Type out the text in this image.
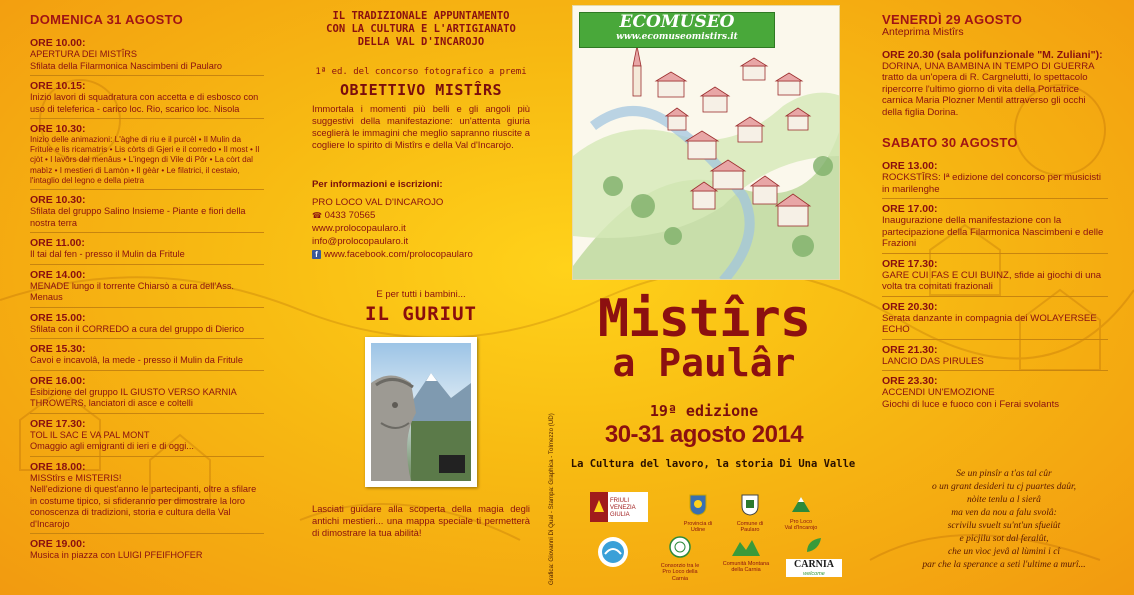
DOMENICA 31 AGOSTO
ORE 10.00:
APERTURA DEI MISTÎRS
Sfilata della Filarmonica Nascimbeni di Paularo
ORE 10.15:
Inizio lavori di squadratura con accetta e di esbosco con uso di teleferica - carico loc. Rio, scarico loc. Nisola
ORE 10.30:
Inizio delle animazioni: L'àghe di riu e il purcèl • Il Mulin da Fritule e lis ricamatris • Lis còrts di Gjeri e il corredo • Il most • Il cjòt • I lavôrs dal menâus • L'ingegn di Vile di Pôr • La còrt dal mabìz • I mestieri di Lamòn • Il gèàr • Le filatrici, il cestaio, l'intaglio del legno e della pietra
ORE 10.30:
Sfilata del gruppo Salino Insieme - Piante e fiori della nostra terra
ORE 11.00:
Il tai dal fen - presso il Mulin da Fritule
ORE 14.00:
MENADE lungo il torrente Chiarsò a cura dell'Ass. Menaus
ORE 15.00:
Sfilata con il CORREDO a cura del gruppo di Dierico
ORE 15.30:
Cavoi e incavolâ, la mede - presso il Mulin da Fritule
ORE 16.00:
Esibizione del gruppo IL GIUSTO VERSO KARNIA THROWERS, lanciatori di asce e coltelli
ORE 17.30:
TOL IL SAC E VA PAL MONT
Omaggio agli emigranti di ieri e di oggi...
ORE 18.00:
MISStîrs e MISTERIS!
Nell'edizione di quest'anno le partecipanti, oltre a sfilare in costume tipico, si sfideranno per dimostrare la loro conoscenza di tradizioni, storia e cultura della Val d'Incarojo
ORE 19.00:
Musica in piazza con LUIGI PFEIFHOFER
IL TRADIZIONALE APPUNTAMENTO
CON LA CULTURA E L'ARTIGIANATO
DELLA VAL D'INCAROJO
1ª ed. del concorso fotografico a premi
OBIETTIVO MISTÎRS
Immortala i momenti più belli e gli angoli più suggestivi della manifestazione: un'attenta giuria sceglierà le immagini che meglio sapranno riuscite a cogliere lo spirito di Mistîrs e della Val d'Incarojo.
Per informazioni e iscrizioni:
PRO LOCO VAL D'INCAROJO
☎ 0433 70565
www.prolocopaularo.it
info@prolocopaularo.it
f www.facebook.com/prolocopaularo
E per tutti i bambini...
IL GURIUT
Lasciati guidare alla scoperta della magia degli antichi mestieri... una mappa speciale ti permetterà di dimostrare la tua abilità!	Grafica: Giovanni Di Qual - Stampa: Graphica - Tolmezzo (UD)
ECOMUSEO
www.ecomuseomistirs.it
Mistîrs
a Paulâr
19ª edizione
30-31 agosto 2014
La Cultura del lavoro, la storia Di Una Valle
FRIULI
VENEZIA
GIULIA
Provincia di Udine
Comune di Paularo
Pro Loco
Val d'Incarojo
Consorzio tra le Pro Loco della Carnia
Comunità Montana della Carnia
CARNIA
welcome
VENERDÌ 29 AGOSTO
Anteprima Mistîrs
ORE 20.30 (sala polifunzionale "M. Zuliani"):
DORINA, UNA BAMBINA IN TEMPO DI GUERRA
tratto da un'opera di R. Cargnelutti, lo spettacolo ripercorre l'ultimo giorno di vita della Portatrice carnica Maria Plozner Mentil attraverso gli occhi della figlia Dorina.
SABATO 30 AGOSTO
ORE 13.00:
ROCKSTÎRS: Iª edizione del concorso per musicisti in marilenghe
ORE 17.00:
Inaugurazione della manifestazione con la partecipazione della Filarmonica Nascimbeni e delle Frazioni
ORE 17.30:
GARE CUI FAS E CUI BUINZ, sfide ai giochi di una volta tra comitati frazionali
ORE 20.30:
Serata danzante in compagnia dei WOLAYERSEE ECHO
ORE 21.30:
LANCIO DAS PIRULES
ORE 23.30:
ACCENDI UN'EMOZIONE
Giochi di luce e fuoco con i Ferai svolants
Se un pinsîr a t'as tal cûr
o un grant desideri tu cj puartes daûr,
nòite tenlu a l sierâ
ma ven da nou a falu svolâ:
scrivilu svuelt su'nt'un sfueiût
e picjilu sot dal feralût,
che un vìoc jevâ al lùmini i cî
par che la sperance a seti l'ultime a murî...
